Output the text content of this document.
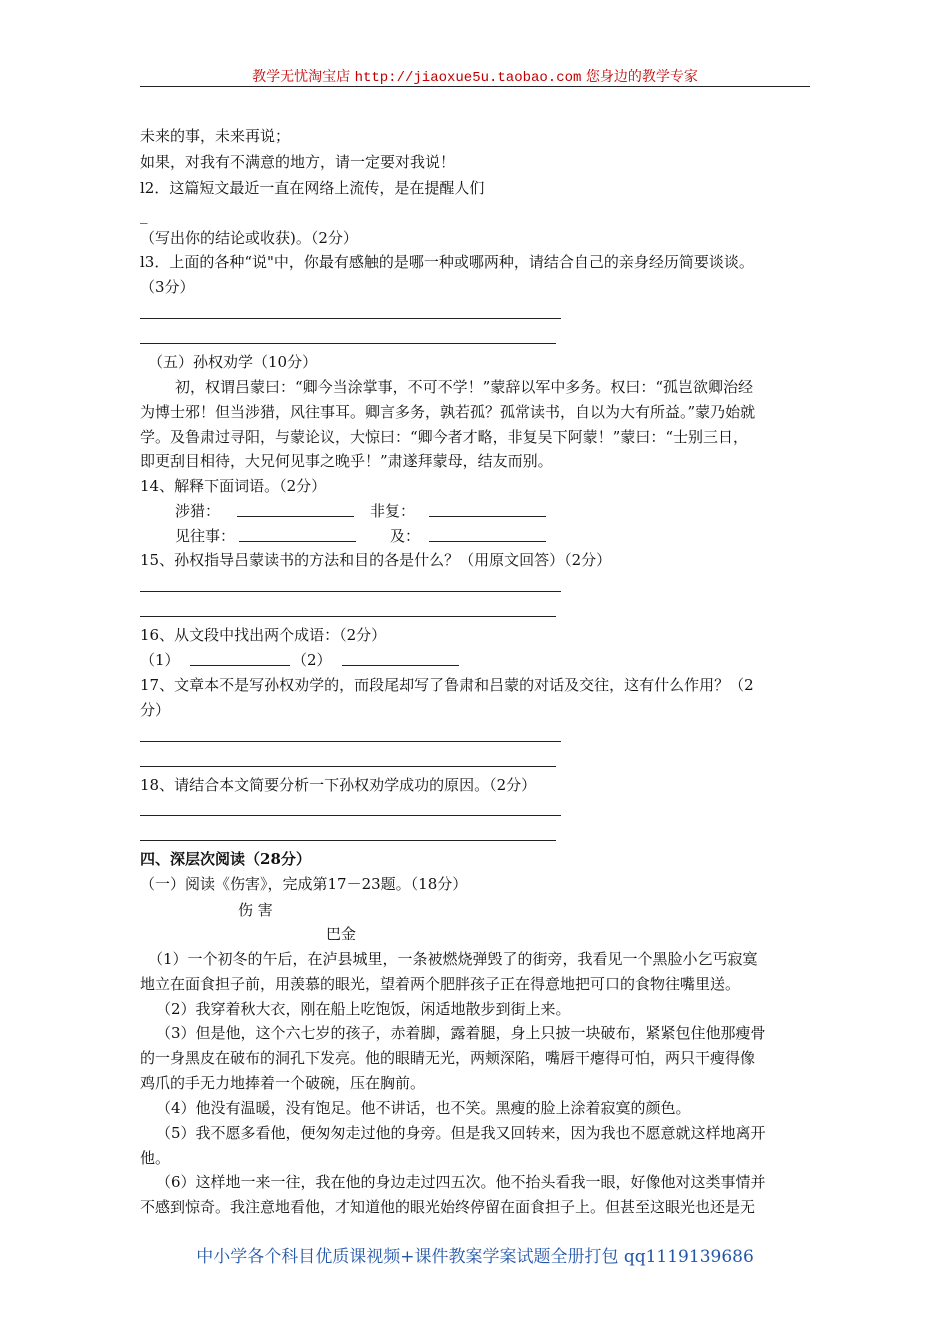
教学无忧淘宝店 http://jiaoxue5u.taobao.com 您身边的教学专家
未来的事，未来再说；
如果，对我有不满意的地方，请一定要对我说！
l2．这篇短文最近一直在网络上流传，是在提醒人们
_
（写出你的结论或收获)。（2分）
l3．上面的各种“说"中，你最有感触的是哪一种或哪两种，请结合自己的亲身经历简要谈谈。
（3分）
（五）孙权劝学（10分）
初，权谓吕蒙曰：“卿今当涂掌事，不可不学！”蒙辞以军中多务。权曰：“孤岂欲卿治经
为博士邪！但当涉猎，风往事耳。卿言多务，孰若孤？孤常读书，自以为大有所益。”蒙乃始就
学。及鲁肃过寻阳，与蒙论议，大惊曰：“卿今者才略，非复吴下阿蒙！”蒙曰：“士别三日，
即更刮目相待，大兄何见事之晚乎！”肃遂拜蒙母，结友而别。
14、解释下面词语。（2分）
涉猎：	非复：
见往事：	及：
15、孙权指导吕蒙读书的方法和目的各是什么？（用原文回答）（2分）
16、从文段中找出两个成语：（2分）
（1）	（2）
17、文章本不是写孙权劝学的，而段尾却写了鲁肃和吕蒙的对话及交往，这有什么作用？（2
分）
18、请结合本文简要分析一下孙权劝学成功的原因。（2分）
四、深层次阅读（28分）
（一）阅读《伤害》，完成第17－23题。（18分）
伤 害
巴金
（1）一个初冬的午后，在泸县城里，一条被燃烧弹毁了的街旁，我看见一个黑脸小乞丐寂寞
地立在面食担子前，用羡慕的眼光，望着两个肥胖孩子正在得意地把可口的食物往嘴里送。
（2）我穿着秋大衣，刚在船上吃饱饭，闲适地散步到街上来。
（3）但是他，这个六七岁的孩子，赤着脚，露着腿，身上只披一块破布，紧紧包住他那瘦骨
的一身黑皮在破布的洞孔下发亮。他的眼睛无光，两颊深陷，嘴唇干瘪得可怕，两只干瘦得像
鸡爪的手无力地捧着一个破碗，压在胸前。
（4）他没有温暖，没有饱足。他不讲话，也不笑。黑瘦的脸上涂着寂寞的颜色。
（5）我不愿多看他，便匆匆走过他的身旁。但是我又回转来，因为我也不愿意就这样地离开
他。
（6）这样地一来一往，我在他的身边走过四五次。他不抬头看我一眼，好像他对这类事情并
不感到惊奇。我注意地看他，才知道他的眼光始终停留在面食担子上。但甚至这眼光也还是无
中小学各个科目优质课视频+课件教案学案试题全册打包 qq1119139686
